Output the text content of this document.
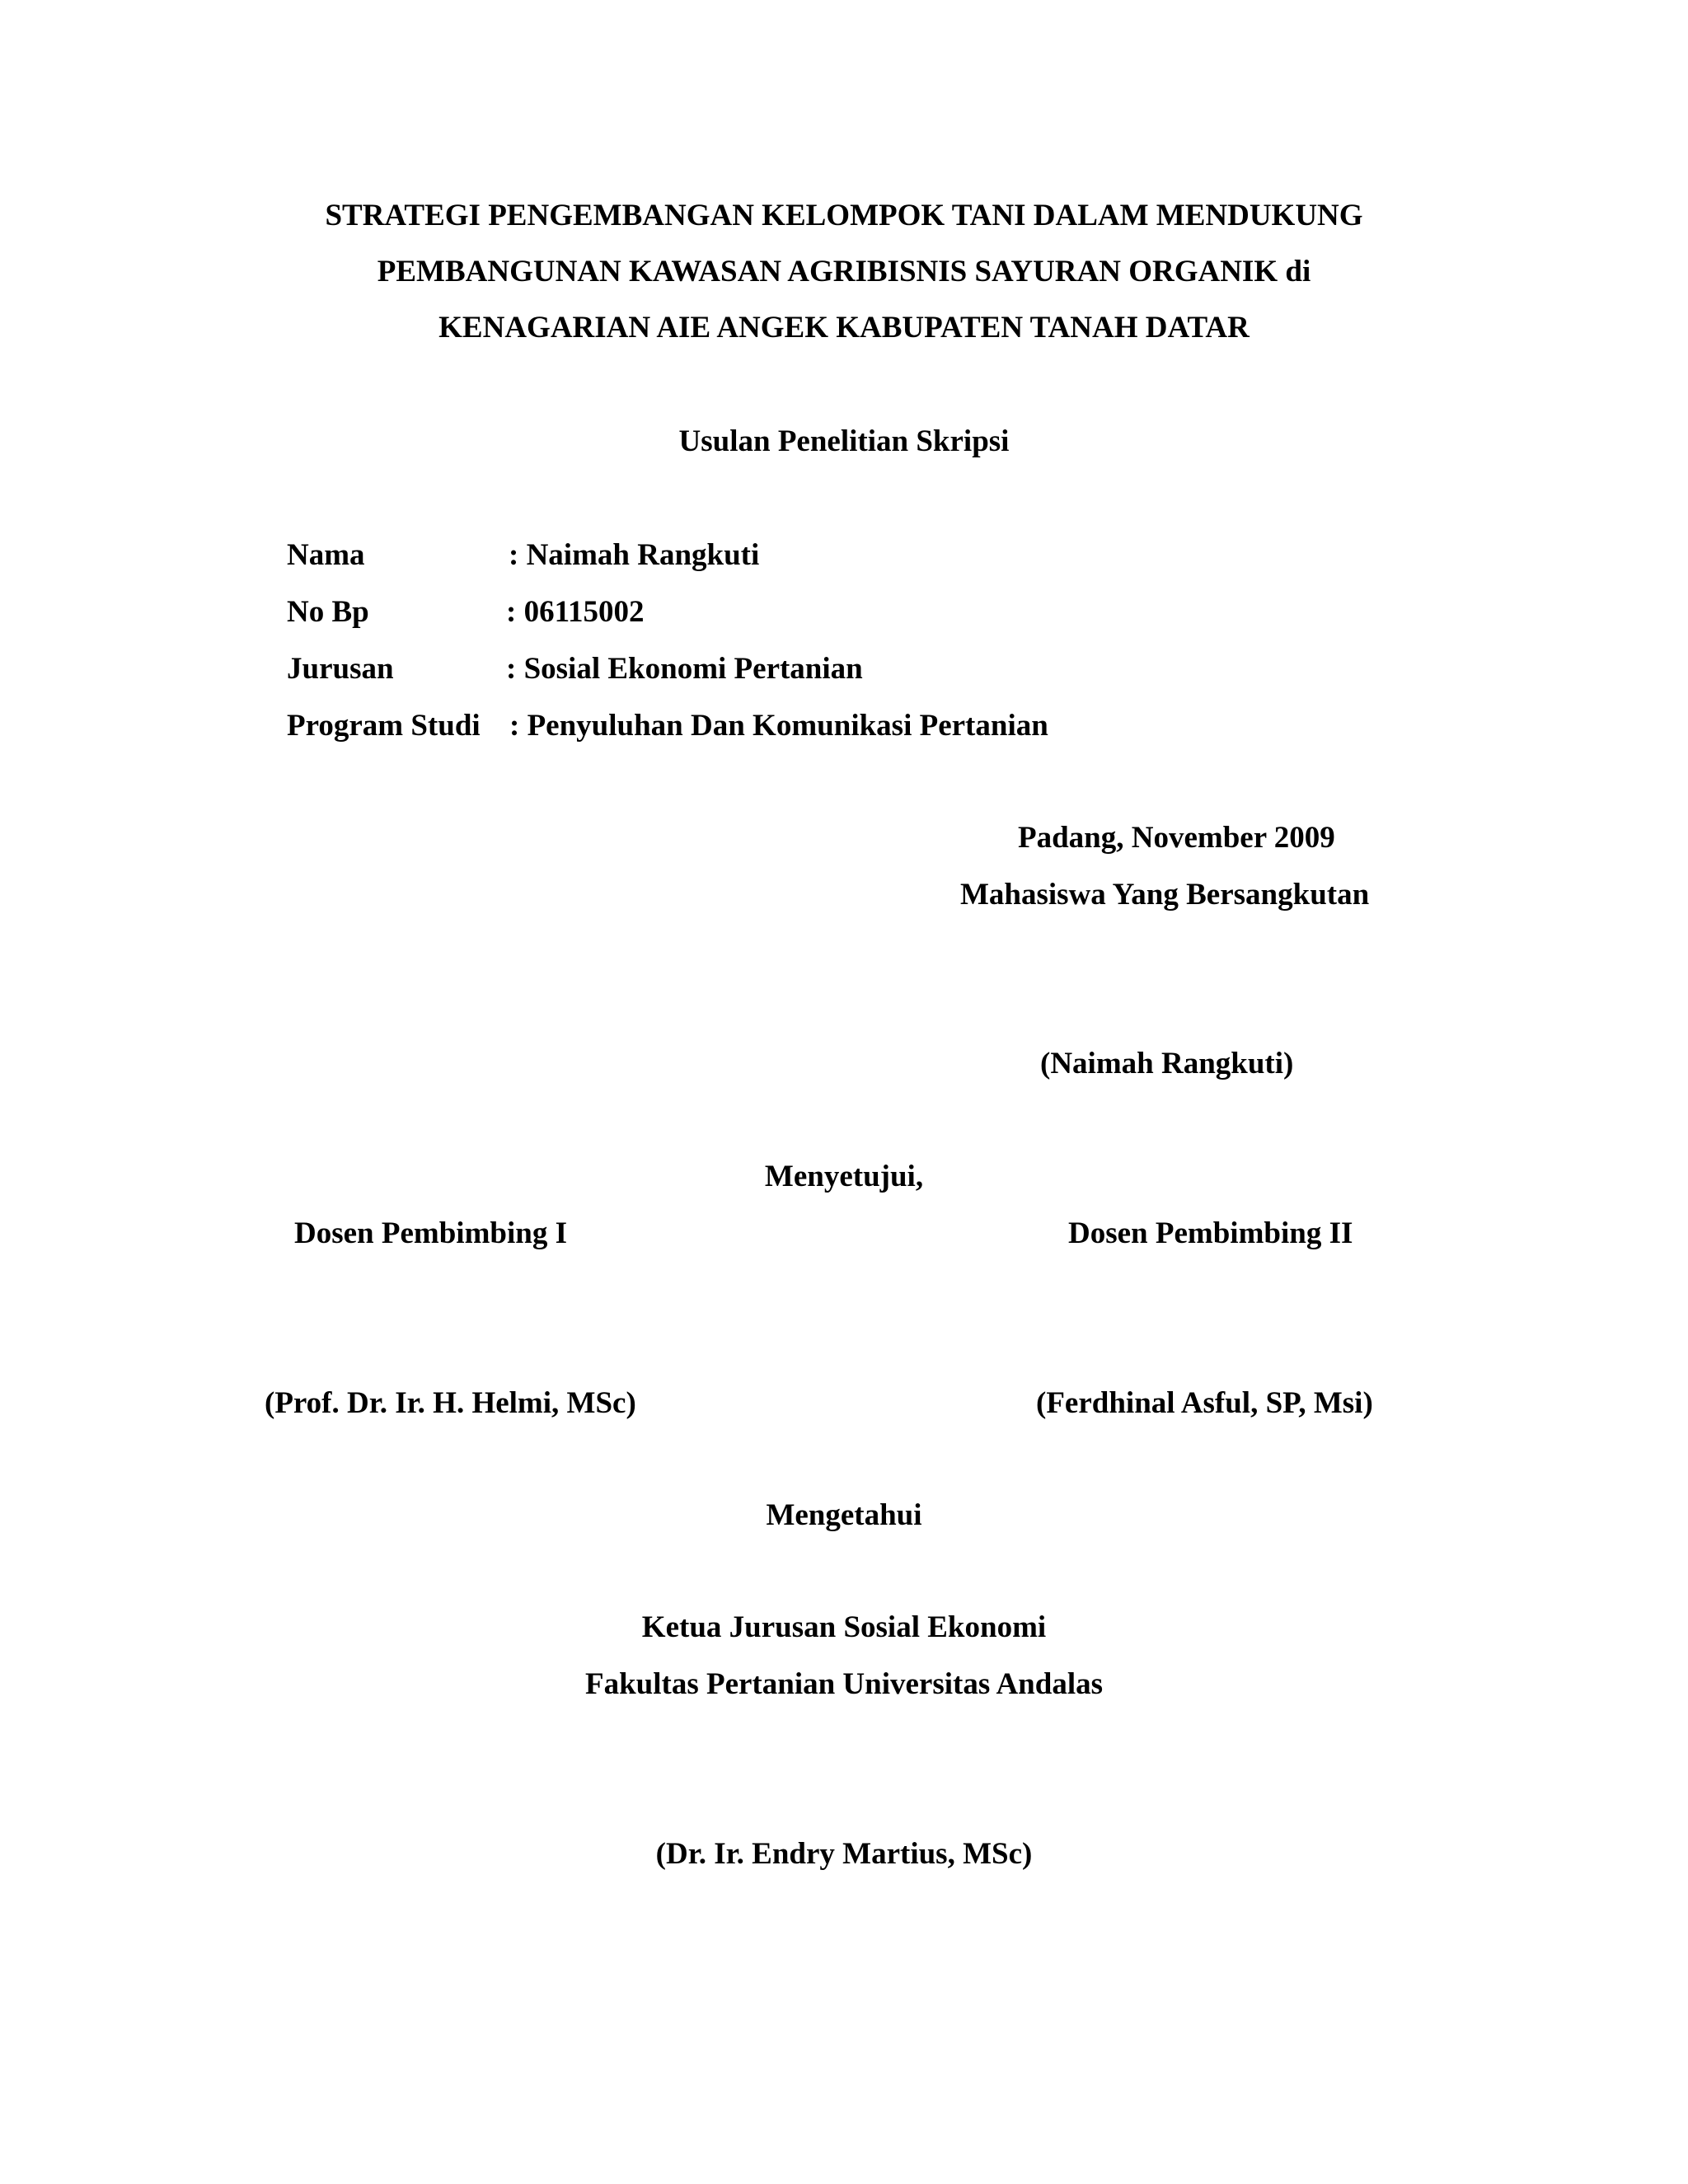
STRATEGI PENGEMBANGAN KELOMPOK TANI DALAM MENDUKUNG

PEMBANGUNAN KAWASAN AGRIBISNIS SAYURAN ORGANIK di

KENAGARIAN AIE ANGEK KABUPATEN TANAH DATAR

Usulan Penelitian Skripsi

Nama	: Naimah Rangkuti

No Bp	: 06115002

Jurusan	: Sosial Ekonomi Pertanian

Program Studi : Penyuluhan Dan Komunikasi Pertanian

Padang, November 2009

Mahasiswa Yang Bersangkutan

(Naimah Rangkuti)

Menyetujui,

Dosen Pembimbing I	Dosen Pembimbing II

(Prof. Dr. Ir. H. Helmi, MSc)	(Ferdhinal Asful, SP, Msi)

Mengetahui

Ketua Jurusan Sosial Ekonomi

Fakultas Pertanian Universitas Andalas

(Dr. Ir. Endry Martius, MSc)
